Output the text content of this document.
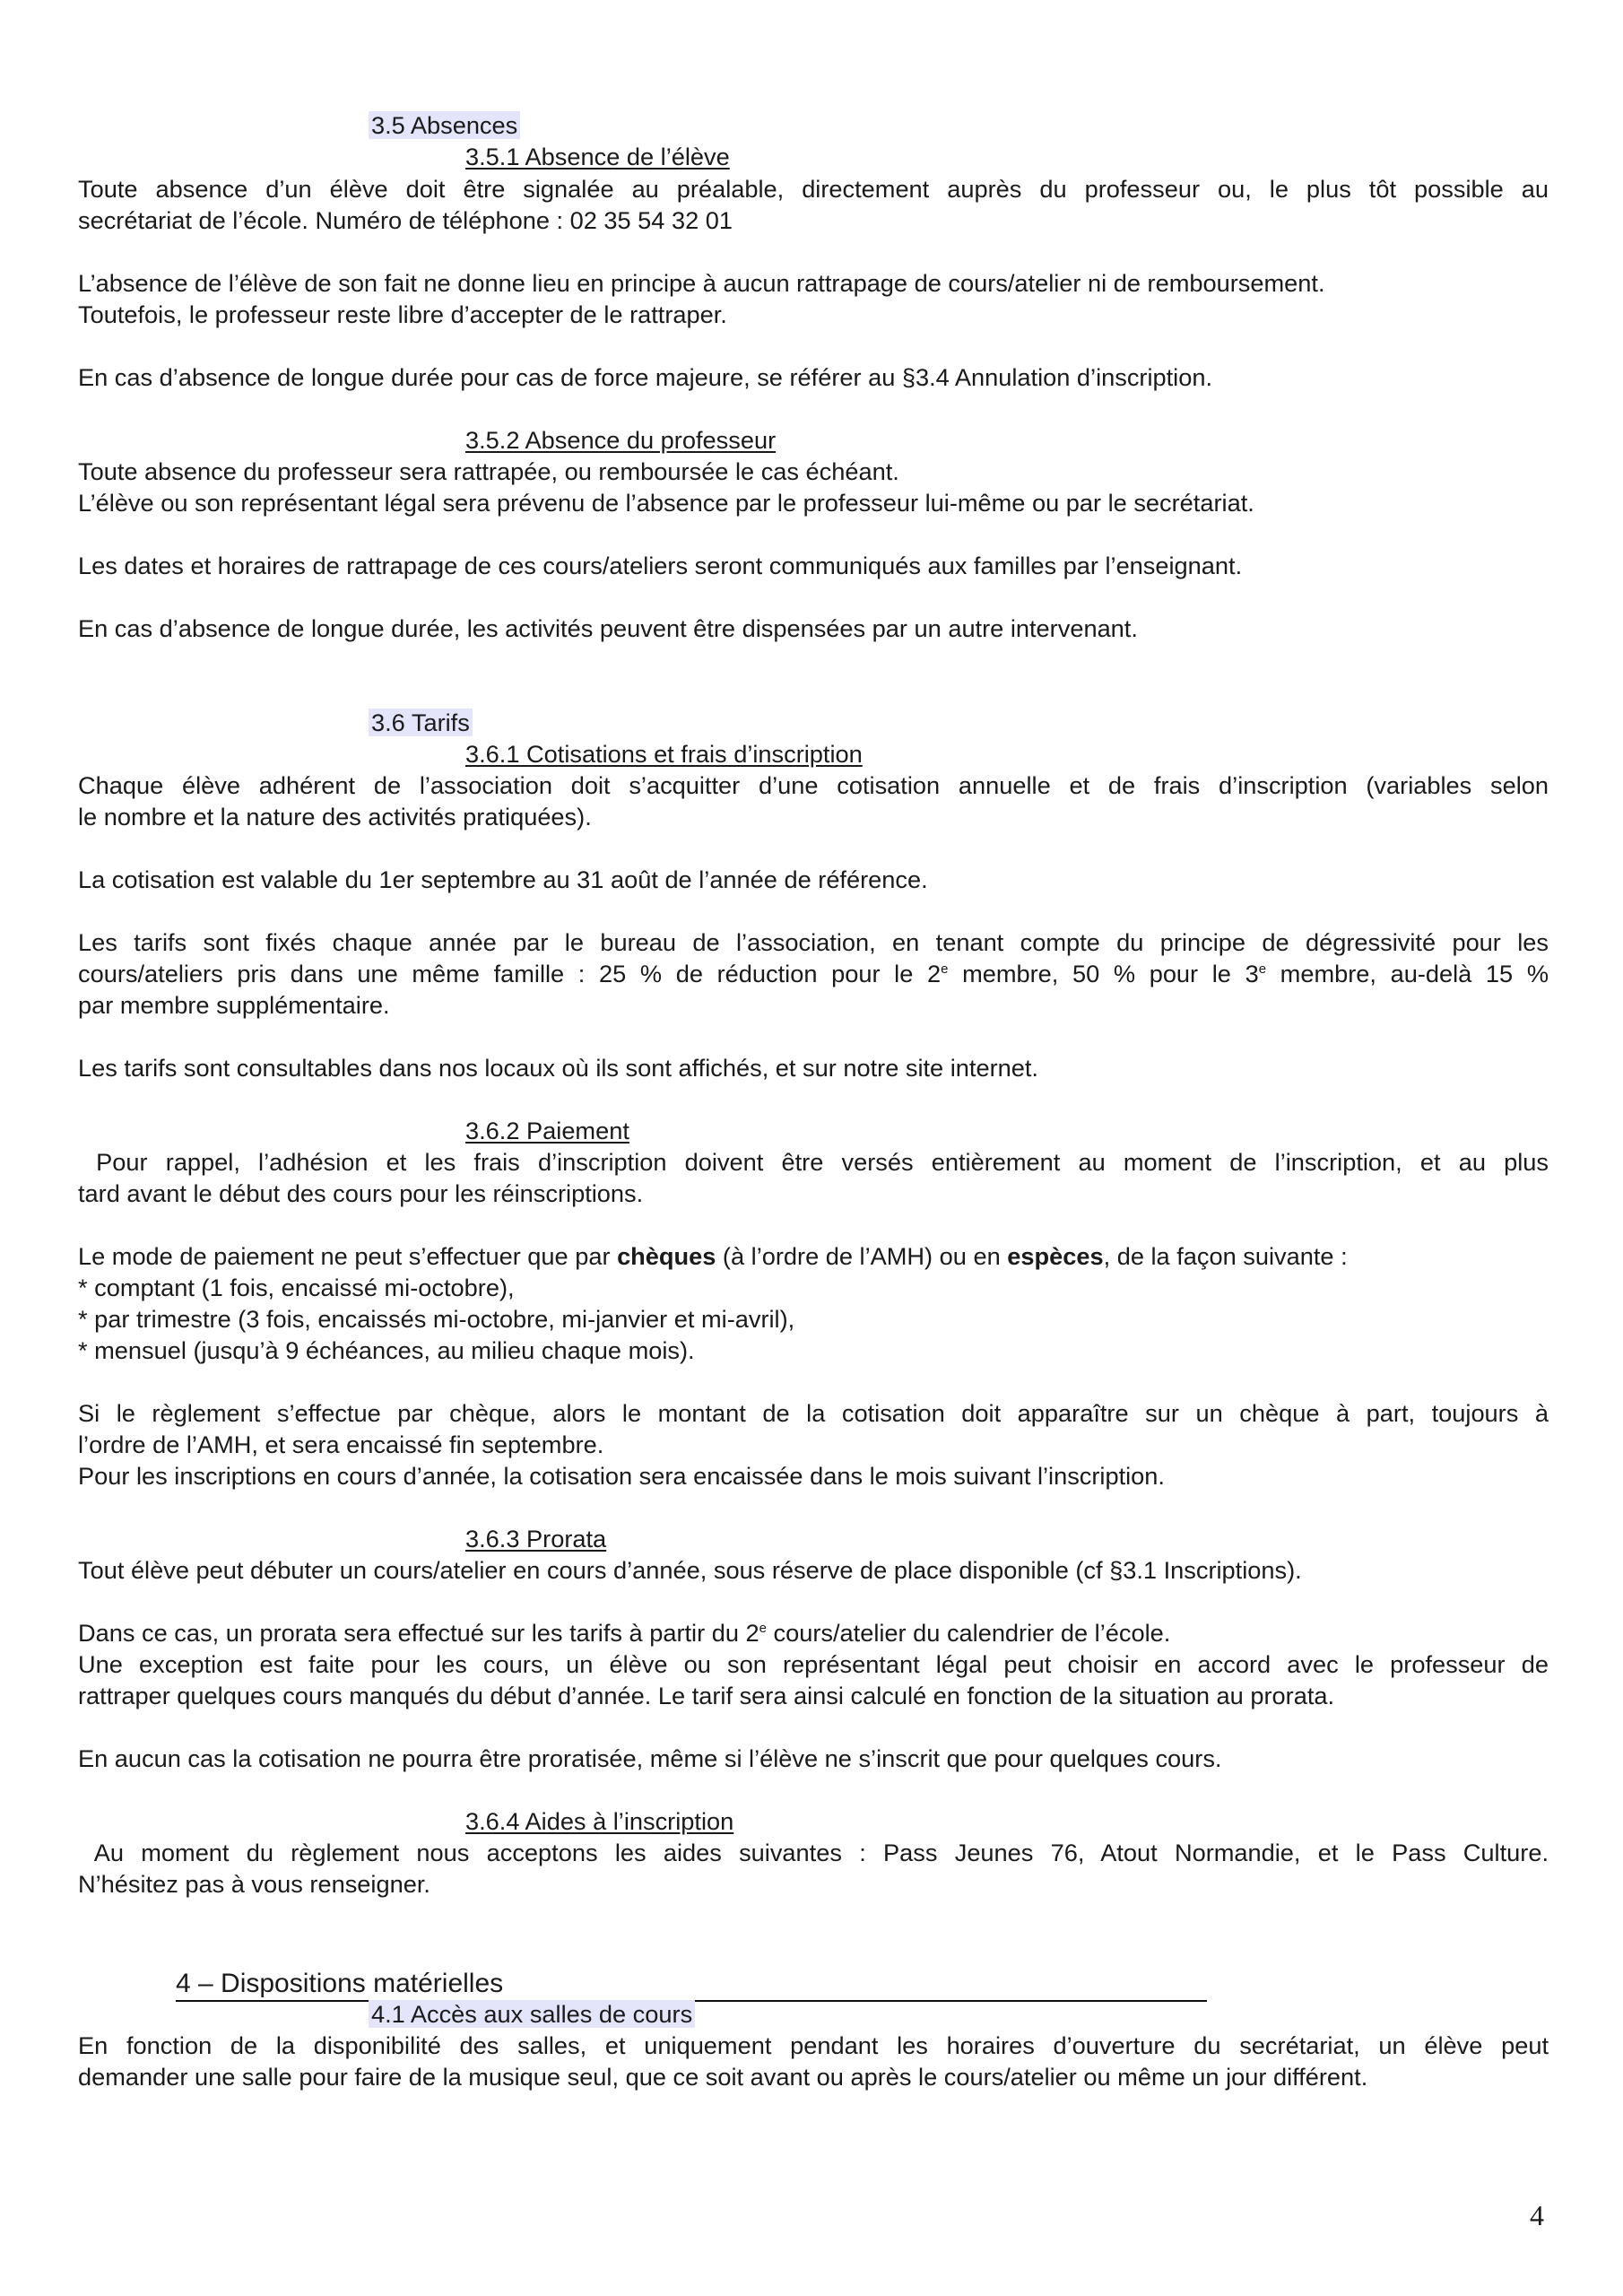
3.5 Absences
3.5.1 Absence de l’élève
Toute absence d’un élève doit être signalée au préalable, directement auprès du professeur ou, le plus tôt possible au
secrétariat de l’école. Numéro de téléphone : 02 35 54 32 01
L’absence de l’élève de son fait ne donne lieu en principe à aucun rattrapage de cours/atelier ni de remboursement.
Toutefois, le professeur reste libre d’accepter de le rattraper.
En cas d’absence de longue durée pour cas de force majeure, se référer au §3.4 Annulation d’inscription.
3.5.2 Absence du professeur
Toute absence du professeur sera rattrapée, ou remboursée le cas échéant.
L’élève ou son représentant légal sera prévenu de l’absence par le professeur lui-même ou par le secrétariat.
Les dates et horaires de rattrapage de ces cours/ateliers seront communiqués aux familles par l’enseignant.
En cas d’absence de longue durée, les activités peuvent être dispensées par un autre intervenant.
3.6 Tarifs
3.6.1 Cotisations et frais d’inscription
Chaque élève adhérent de l’association doit s’acquitter d’une cotisation annuelle et de frais d’inscription (variables selon
le nombre et la nature des activités pratiquées).
La cotisation est valable du 1er septembre au 31 août de l’année de référence.
Les tarifs sont fixés chaque année par le bureau de l’association, en tenant compte du principe de dégressivité pour les
cours/ateliers pris dans une même famille : 25 % de réduction pour le 2e membre, 50 % pour le 3e membre, au-delà 15 %
par membre supplémentaire.
Les tarifs sont consultables dans nos locaux où ils sont affichés, et sur notre site internet.
3.6.2 Paiement
Pour rappel, l’adhésion et les frais d’inscription doivent être versés entièrement au moment de l’inscription, et au plus
tard avant le début des cours pour les réinscriptions.
Le mode de paiement ne peut s’effectuer que par chèques (à l’ordre de l’AMH) ou en espèces, de la façon suivante :
* comptant (1 fois, encaissé mi-octobre),
* par trimestre (3 fois, encaissés mi-octobre, mi-janvier et mi-avril),
* mensuel (jusqu’à 9 échéances, au milieu chaque mois).
Si le règlement s’effectue par chèque, alors le montant de la cotisation doit apparaître sur un chèque à part, toujours à
l’ordre de l’AMH, et sera encaissé fin septembre.
Pour les inscriptions en cours d’année, la cotisation sera encaissée dans le mois suivant l’inscription.
3.6.3 Prorata
Tout élève peut débuter un cours/atelier en cours d’année, sous réserve de place disponible (cf §3.1 Inscriptions).
Dans ce cas, un prorata sera effectué sur les tarifs à partir du 2e cours/atelier du calendrier de l’école.
Une exception est faite pour les cours, un élève ou son représentant légal peut choisir en accord avec le professeur de
rattraper quelques cours manqués du début d’année. Le tarif sera ainsi calculé en fonction de la situation au prorata.
En aucun cas la cotisation ne pourra être proratisée, même si l’élève ne s’inscrit que pour quelques cours.
3.6.4 Aides à l’inscription
Au moment du règlement nous acceptons les aides suivantes : Pass Jeunes 76, Atout Normandie, et le Pass Culture.
N’hésitez pas à vous renseigner.
4 – Dispositions matérielles
4.1 Accès aux salles de cours
En fonction de la disponibilité des salles, et uniquement pendant les horaires d’ouverture du secrétariat, un élève peut
demander une salle pour faire de la musique seul, que ce soit avant ou après le cours/atelier ou même un jour différent.
4
